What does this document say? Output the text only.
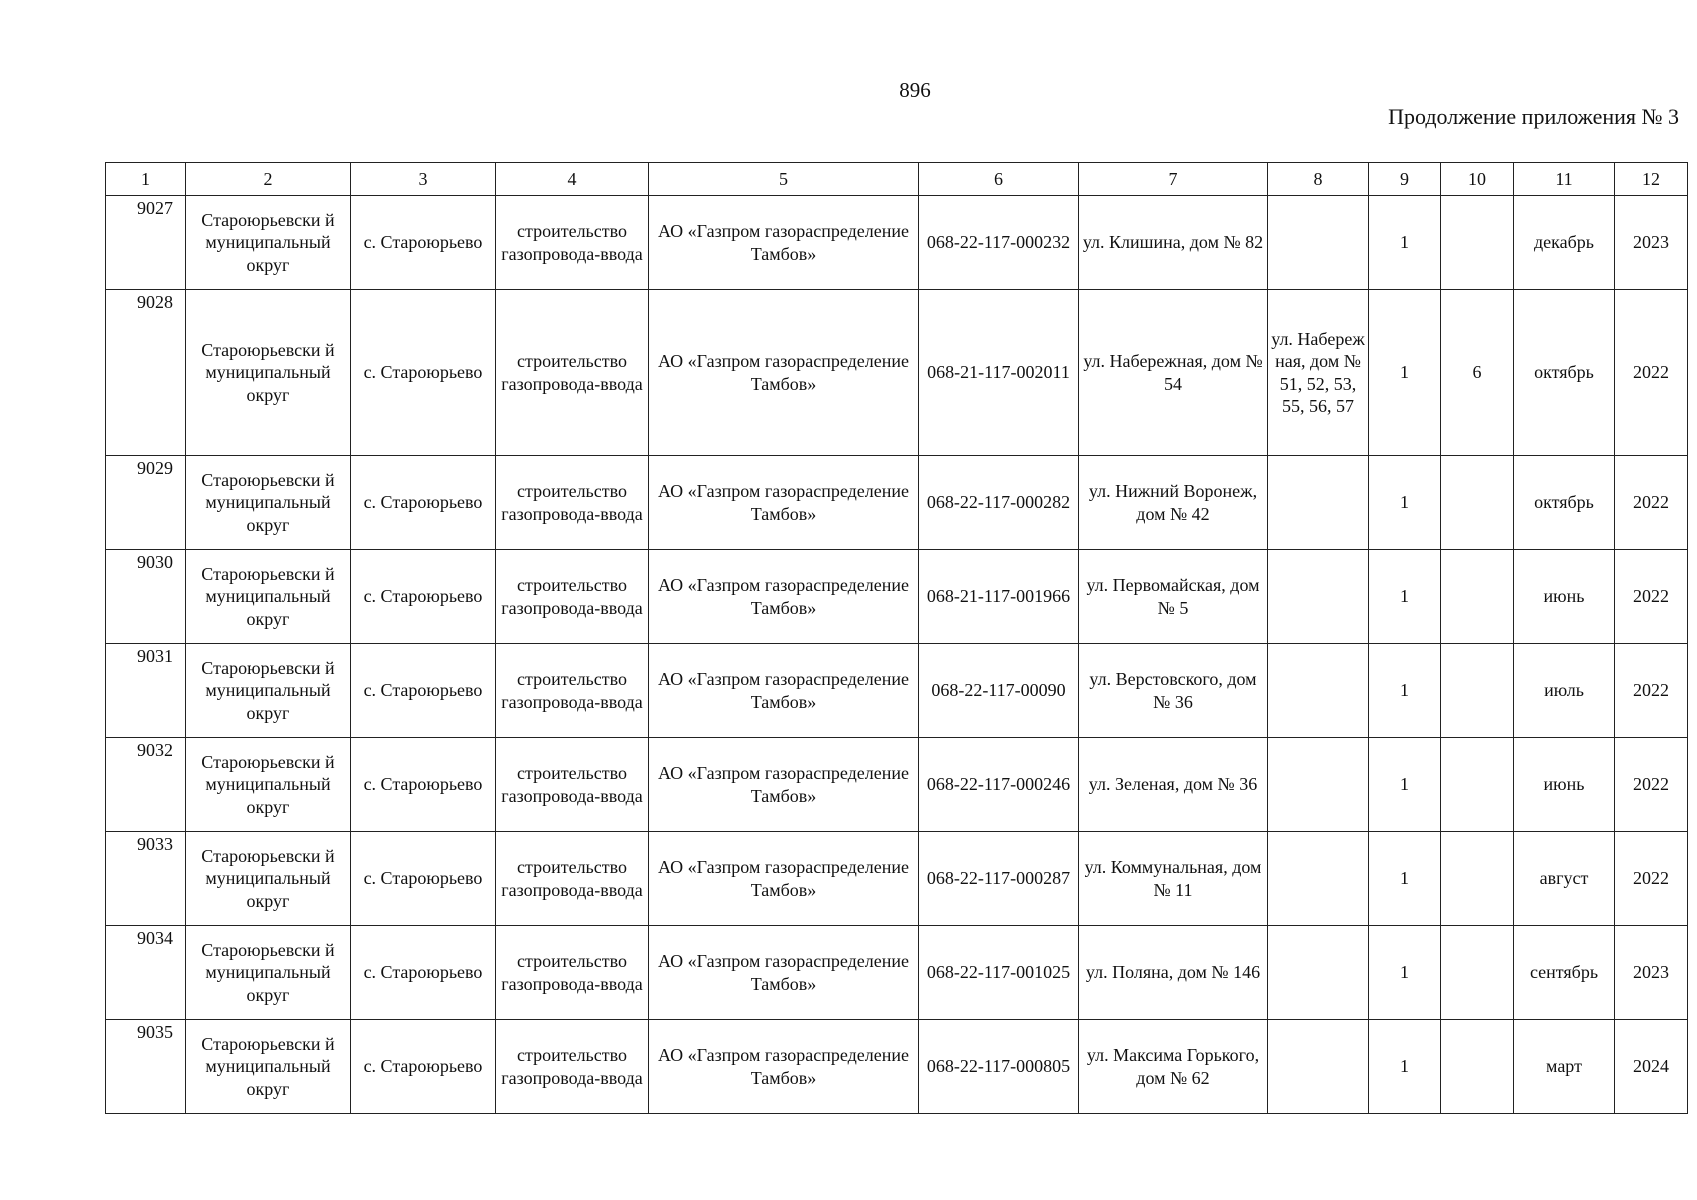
896
Продолжение приложения № 3
1	2	3	4	5	6	7	8	9	10	11	12
9027	Староюрьевски й муниципальный округ	с. Староюрьево	строительство газопровода-ввода	АО «Газпром газораспределение Тамбов»	068-22-117-000232	ул. Клишина, дом № 82		1		декабрь	2023
9028	Староюрьевски й муниципальный округ	с. Староюрьево	строительство газопровода-ввода	АО «Газпром газораспределение Тамбов»	068-21-117-002011	ул. Набережная, дом № 54	ул. Набереж ная, дом № 51, 52, 53, 55, 56, 57	1	6	октябрь	2022
9029	Староюрьевски й муниципальный округ	с. Староюрьево	строительство газопровода-ввода	АО «Газпром газораспределение Тамбов»	068-22-117-000282	ул. Нижний Воронеж, дом № 42		1		октябрь	2022
9030	Староюрьевски й муниципальный округ	с. Староюрьево	строительство газопровода-ввода	АО «Газпром газораспределение Тамбов»	068-21-117-001966	ул. Первомайская, дом № 5		1		июнь	2022
9031	Староюрьевски й муниципальный округ	с. Староюрьево	строительство газопровода-ввода	АО «Газпром газораспределение Тамбов»	068-22-117-00090	ул. Верстовского, дом № 36		1		июль	2022
9032	Староюрьевски й муниципальный округ	с. Староюрьево	строительство газопровода-ввода	АО «Газпром газораспределение Тамбов»	068-22-117-000246	ул. Зеленая, дом № 36		1		июнь	2022
9033	Староюрьевски й муниципальный округ	с. Староюрьево	строительство газопровода-ввода	АО «Газпром газораспределение Тамбов»	068-22-117-000287	ул. Коммунальная, дом № 11		1		август	2022
9034	Староюрьевски й муниципальный округ	с. Староюрьево	строительство газопровода-ввода	АО «Газпром газораспределение Тамбов»	068-22-117-001025	ул. Поляна, дом № 146		1		сентябрь	2023
9035	Староюрьевски й муниципальный округ	с. Староюрьево	строительство газопровода-ввода	АО «Газпром газораспределение Тамбов»	068-22-117-000805	ул. Максима Горького, дом № 62		1		март	2024
